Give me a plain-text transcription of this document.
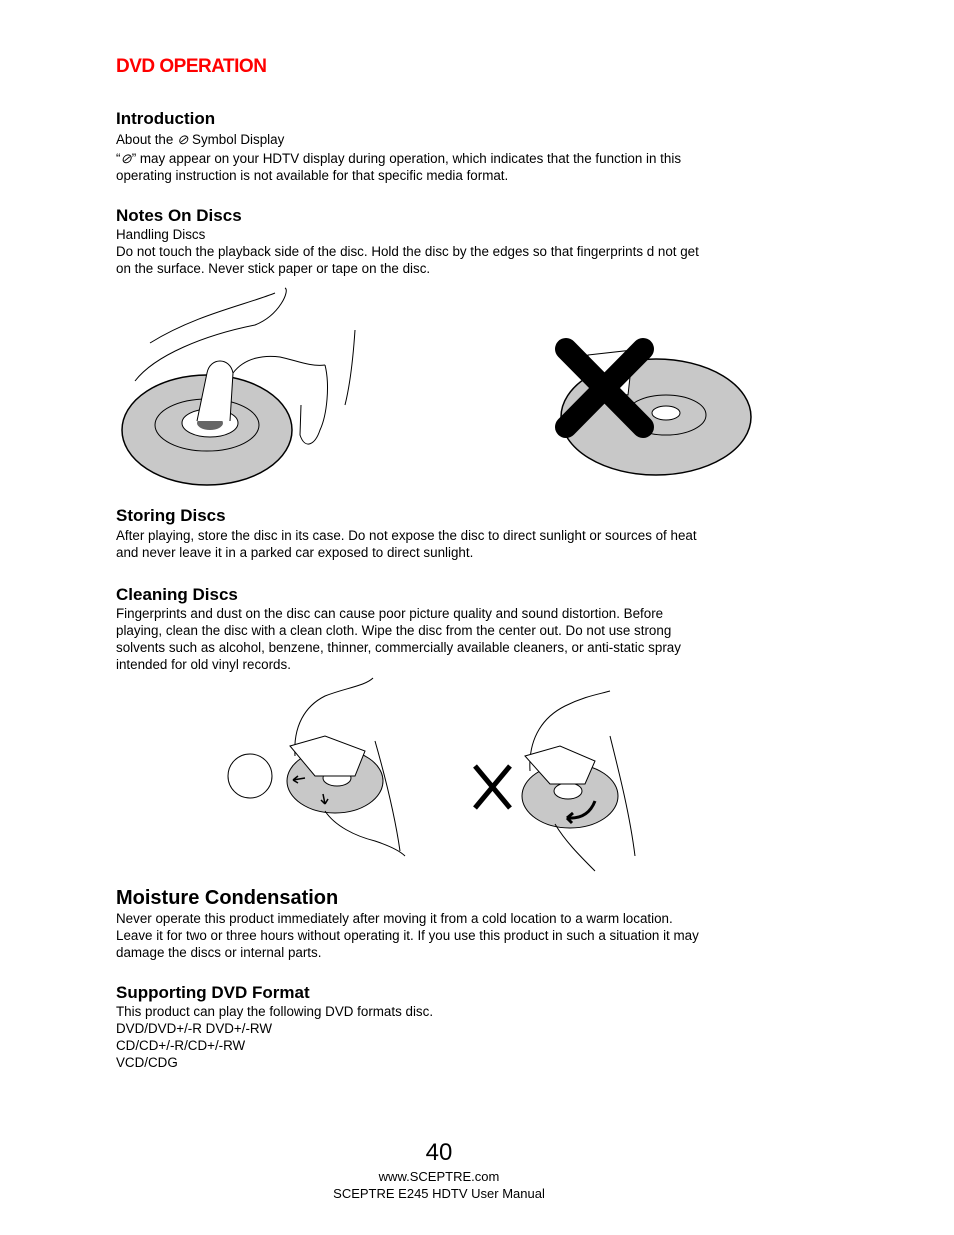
DVD OPERATION
Introduction
About the ⊘ Symbol Display
“⊘” may appear on your HDTV display during operation, which indicates that the function in this
operating instruction is not available for that specific media format.
Notes On Discs
Handling Discs
Do not touch the playback side of the disc. Hold the disc by the edges so that fingerprints d not get
on the surface. Never stick paper or tape on the disc.
Storing Discs
After playing, store the disc in its case. Do not expose the disc to direct sunlight or sources of heat
and never leave it in a parked car exposed to direct sunlight.
Cleaning Discs
Fingerprints and dust on the disc can cause poor picture quality and sound distortion. Before
playing, clean the disc with a clean cloth. Wipe the disc from the center out. Do not use strong
solvents such as alcohol, benzene, thinner, commercially available cleaners, or anti-static spray
intended for old vinyl records.
Moisture Condensation
Never operate this product immediately after moving it from a cold location to a warm location.
Leave it for two or three hours without operating it. If you use this product in such a situation it may
damage the discs or internal parts.
Supporting DVD Format
This product can play the following DVD formats disc.
DVD/DVD+/-R DVD+/-RW
CD/CD+/-R/CD+/-RW
VCD/CDG
40
www.SCEPTRE.com
SCEPTRE E245 HDTV User Manual
